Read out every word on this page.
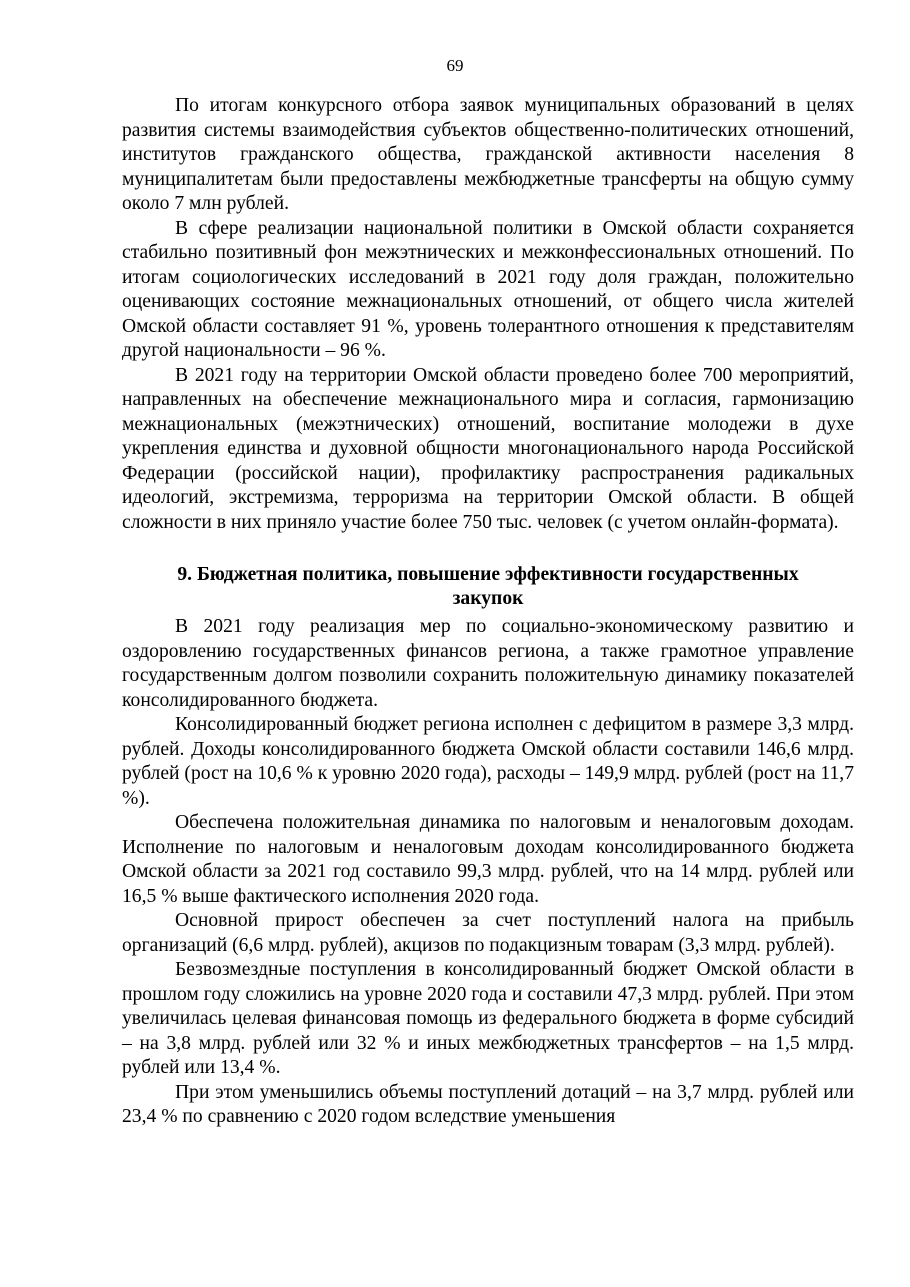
69

По итогам конкурсного отбора заявок муниципальных образований в целях развития системы взаимодействия субъектов общественно-политических отношений, институтов гражданского общества, гражданской активности населения 8 муниципалитетам были предоставлены межбюджетные трансферты на общую сумму около 7 млн рублей.

В сфере реализации национальной политики в Омской области сохраняется стабильно позитивный фон межэтнических и межконфессиональных отношений. По итогам социологических исследований в 2021 году доля граждан, положительно оценивающих состояние межнациональных отношений, от общего числа жителей Омской области составляет 91 %, уровень толерантного отношения к представителям другой национальности – 96 %.

В 2021 году на территории Омской области проведено более 700 мероприятий, направленных на обеспечение межнационального мира и согласия, гармонизацию межнациональных (межэтнических) отношений, воспитание молодежи в духе укрепления единства и духовной общности многонационального народа Российской Федерации (российской нации), профилактику распространения радикальных идеологий, экстремизма, терроризма на территории Омской области. В общей сложности в них приняло участие более 750 тыс. человек (с учетом онлайн-формата).

9. Бюджетная политика, повышение эффективности государственных закупок

В 2021 году реализация мер по социально-экономическому развитию и оздоровлению государственных финансов региона, а также грамотное управление государственным долгом позволили сохранить положительную динамику показателей консолидированного бюджета.

Консолидированный бюджет региона исполнен с дефицитом в размере 3,3 млрд. рублей. Доходы консолидированного бюджета Омской области составили 146,6 млрд. рублей (рост на 10,6 % к уровню 2020 года), расходы – 149,9 млрд. рублей (рост на 11,7 %).

Обеспечена положительная динамика по налоговым и неналоговым доходам. Исполнение по налоговым и неналоговым доходам консолидированного бюджета Омской области за 2021 год составило 99,3 млрд. рублей, что на 14 млрд. рублей или 16,5 % выше фактического исполнения 2020 года.

Основной прирост обеспечен за счет поступлений налога на прибыль организаций (6,6 млрд. рублей), акцизов по подакцизным товарам (3,3 млрд. рублей).

Безвозмездные поступления в консолидированный бюджет Омской области в прошлом году сложились на уровне 2020 года и составили 47,3 млрд. рублей. При этом увеличилась целевая финансовая помощь из федерального бюджета в форме субсидий – на 3,8 млрд. рублей или 32 % и иных межбюджетных трансфертов – на 1,5 млрд. рублей или 13,4 %.

При этом уменьшились объемы поступлений дотаций – на 3,7 млрд. рублей или 23,4 % по сравнению с 2020 годом вследствие уменьшения
